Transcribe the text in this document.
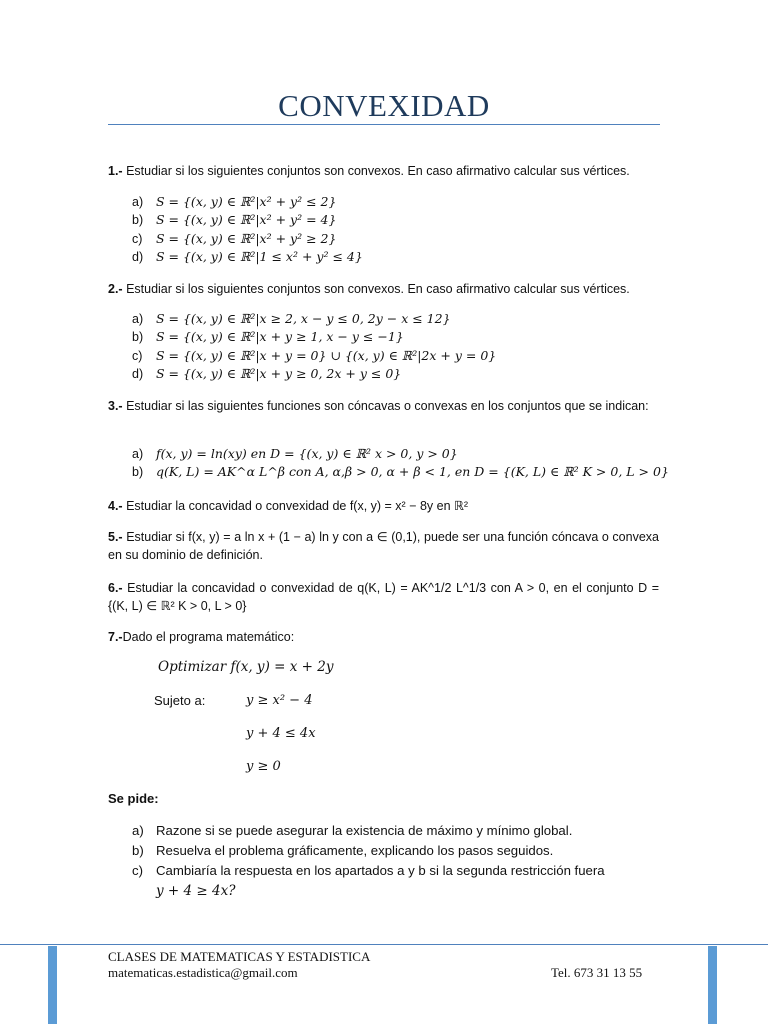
CONVEXIDAD
1.- Estudiar si los siguientes conjuntos son convexos. En caso afirmativo calcular sus vértices.
a) S = {(x, y) ∈ ℝ²|x² + y² ≤ 2}
b) S = {(x, y) ∈ ℝ²|x² + y² = 4}
c) S = {(x, y) ∈ ℝ²|x² + y² ≥ 2}
d) S = {(x, y) ∈ ℝ²|1 ≤ x² + y² ≤ 4}
2.- Estudiar si los siguientes conjuntos son convexos. En caso afirmativo calcular sus vértices.
a) S = {(x, y) ∈ ℝ²|x ≥ 2, x − y ≤ 0, 2y − x ≤ 12}
b) S = {(x, y) ∈ ℝ²|x + y ≥ 1, x − y ≤ −1}
c) S = {(x, y) ∈ ℝ²|x + y = 0} ∪ {(x, y) ∈ ℝ²|2x + y = 0}
d) S = {(x, y) ∈ ℝ²|x + y ≥ 0, 2x + y ≤ 0}
3.- Estudiar si las siguientes funciones son cóncavas o convexas en los conjuntos que se indican:
a) f(x, y) = ln(xy) en D = {(x, y) ∈ ℝ² x > 0, y > 0}
b) q(K, L) = AK^α L^β con A, α,β > 0, α + β < 1, en D = {(K, L) ∈ ℝ² K > 0, L > 0}
4.- Estudiar la concavidad o convexidad de f(x, y) = x² − 8y en ℝ²
5.- Estudiar si f(x, y) = a ln x + (1 − a) ln y con a ∈ (0,1), puede ser una función cóncava o convexa en su dominio de definición.
6.- Estudiar la concavidad o convexidad de q(K, L) = AK^1/2 L^1/3 con A > 0, en el conjunto D = {(K, L) ∈ ℝ² K > 0, L > 0}
7.-Dado el programa matemático:
Optimizar f(x, y) = x + 2y
Sujeto a:	y ≥ x² − 4
y + 4 ≤ 4x
y ≥ 0
Se pide:
a) Razone si se puede asegurar la existencia de máximo y mínimo global.
b) Resuelva el problema gráficamente, explicando los pasos seguidos.
c) Cambiaría la respuesta en los apartados a y b si la segunda restricción fuera
y + 4 ≥ 4x?
CLASES DE MATEMATICAS Y ESTADISTICA
matematicas.estadistica@gmail.com	Tel. 673 31 13 55
